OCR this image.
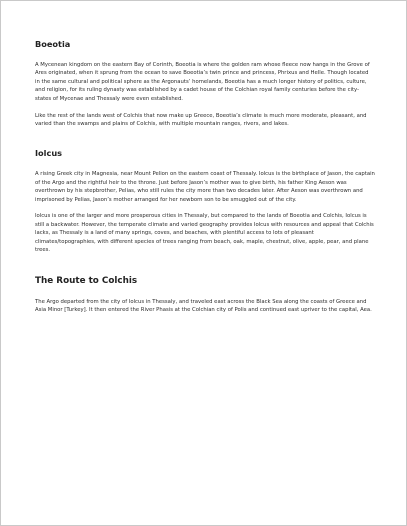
Boeotia

A Mycenean kingdom on the eastern Bay of Corinth, Boeotia is where the golden ram whose fleece now hangs in the Grove of Ares originated, when it sprung from the ocean to save Boeotia’s twin prince and princess, Phrixus and Helle. Though located in the same cultural and political sphere as the Argonauts’ homelands, Boeotia has a much longer history of politics, culture, and religion, for its ruling dynasty was established by a cadet house of the Colchian royal family centuries before the city-states of Mycenae and Thessaly were even established.

Like the rest of the lands west of Colchis that now make up Greece, Boeotia’s climate is much more moderate, pleasant, and varied than the swamps and plains of Colchis, with multiple mountain ranges, rivers, and lakes.

Iolcus

A rising Greek city in Magnesia, near Mount Pelion on the eastern coast of Thessaly. Iolcus is the birthplace of Jason, the captain of the Argo and the rightful heir to the throne. Just before Jason’s mother was to give birth, his father King Aeson was overthrown by his stepbrother, Pelias, who still rules the city more than two decades later. After Aeson was overthrown and imprisoned by Pelias, Jason’s mother arranged for her newborn son to be smuggled out of the city.

Iolcus is one of the larger and more prosperous cities in Thessaly, but compared to the lands of Boeotia and Colchis, Iolcus is still a backwater. However, the temperate climate and varied geography provides Iolcus with resources and appeal that Colchis lacks, as Thessaly is a land of many springs, coves, and beaches, with plentiful access to lots of pleasant climates/topographies, with different species of trees ranging from beach, oak, maple, chestnut, olive, apple, pear, and plane trees.

The Route to Colchis

The Argo departed from the city of Iolcus in Thessaly, and traveled east across the Black Sea along the coasts of Greece and Asia Minor [Turkey]. It then entered the River Phasis at the Colchian city of Polis and continued east upriver to the capital, Aea.
